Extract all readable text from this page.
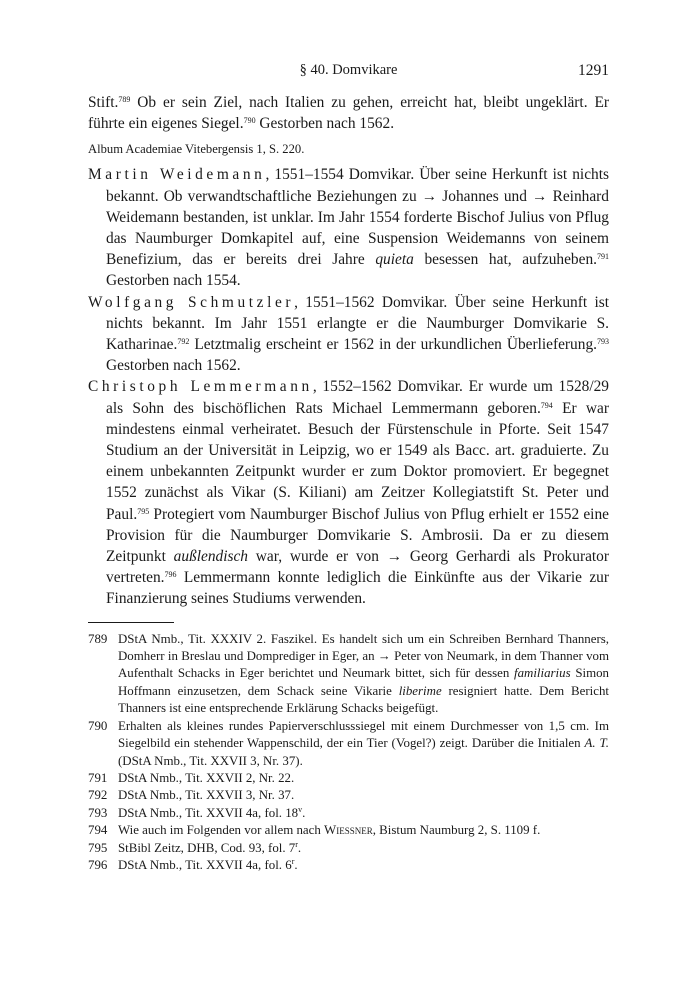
§ 40. Domvikare	1291

Stift.$^{789}$ Ob er sein Ziel, nach Italien zu gehen, erreicht hat, bleibt ungeklärt. Er führte ein eigenes Siegel.$^{790}$ Gestorben nach 1562.

Album Academiae Vitebergensis 1, S. 220.

Martin Weidemann, 1551–1554 Domvikar. Über seine Herkunft ist nichts bekannt. Ob verwandtschaftliche Beziehungen zu → Johannes und → Reinhard Weidemann bestanden, ist unklar. Im Jahr 1554 forderte Bischof Julius von Pflug das Naumburger Domkapitel auf, eine Suspension Weidemanns von seinem Benefizium, das er bereits drei Jahre quieta besessen hat, aufzuheben.$^{791}$ Gestorben nach 1554.

Wolfgang Schmutzler, 1551–1562 Domvikar. Über seine Herkunft ist nichts bekannt. Im Jahr 1551 erlangte er die Naumburger Domvikarie S. Katharinae.$^{792}$ Letztmalig erscheint er 1562 in der urkundlichen Überlieferung.$^{793}$ Gestorben nach 1562.

Christoph Lemmermann, 1552–1562 Domvikar. Er wurde um 1528/29 als Sohn des bischöflichen Rats Michael Lemmermann geboren.$^{794}$ Er war mindestens einmal verheiratet. Besuch der Fürstenschule in Pforte. Seit 1547 Studium an der Universität in Leipzig, wo er 1549 als Bacc. art. graduierte. Zu einem unbekannten Zeitpunkt wurder er zum Doktor promoviert. Er begegnet 1552 zunächst als Vikar (S. Kiliani) am Zeitzer Kollegiatstift St. Peter und Paul.$^{795}$ Protegiert vom Naumburger Bischof Julius von Pflug erhielt er 1552 eine Provision für die Naumburger Domvikarie S. Ambrosii. Da er zu diesem Zeitpunkt außlendisch war, wurde er von → Georg Gerhardi als Prokurator vertreten.$^{796}$ Lemmermann konnte lediglich die Einkünfte aus der Vikarie zur Finanzierung seines Studiums verwenden.

789 DStA Nmb., Tit. XXXIV 2. Faszikel. Es handelt sich um ein Schreiben Bernhard Thanners, Domherr in Breslau und Domprediger in Eger, an → Peter von Neumark, in dem Thanner vom Aufenthalt Schacks in Eger berichtet und Neumark bittet, sich für dessen familiarius Simon Hoffmann einzusetzen, dem Schack seine Vikarie liberime resigniert hatte. Dem Bericht Thanners ist eine entsprechende Erklärung Schacks beigefügt.
790 Erhalten als kleines rundes Papierverschlusssiegel mit einem Durchmesser von 1,5 cm. Im Siegelbild ein stehender Wappenschild, der ein Tier (Vogel?) zeigt. Darüber die Initialen A. T. (DStA Nmb., Tit. XXVII 3, Nr. 37).
791 DStA Nmb., Tit. XXVII 2, Nr. 22.
792 DStA Nmb., Tit. XXVII 3, Nr. 37.
793 DStA Nmb., Tit. XXVII 4a, fol. 18$^v$.
794 Wie auch im Folgenden vor allem nach Wiessner, Bistum Naumburg 2, S. 1109 f.
795 StBibl Zeitz, DHB, Cod. 93, fol. 7$^r$.
796 DStA Nmb., Tit. XXVII 4a, fol. 6$^r$.
